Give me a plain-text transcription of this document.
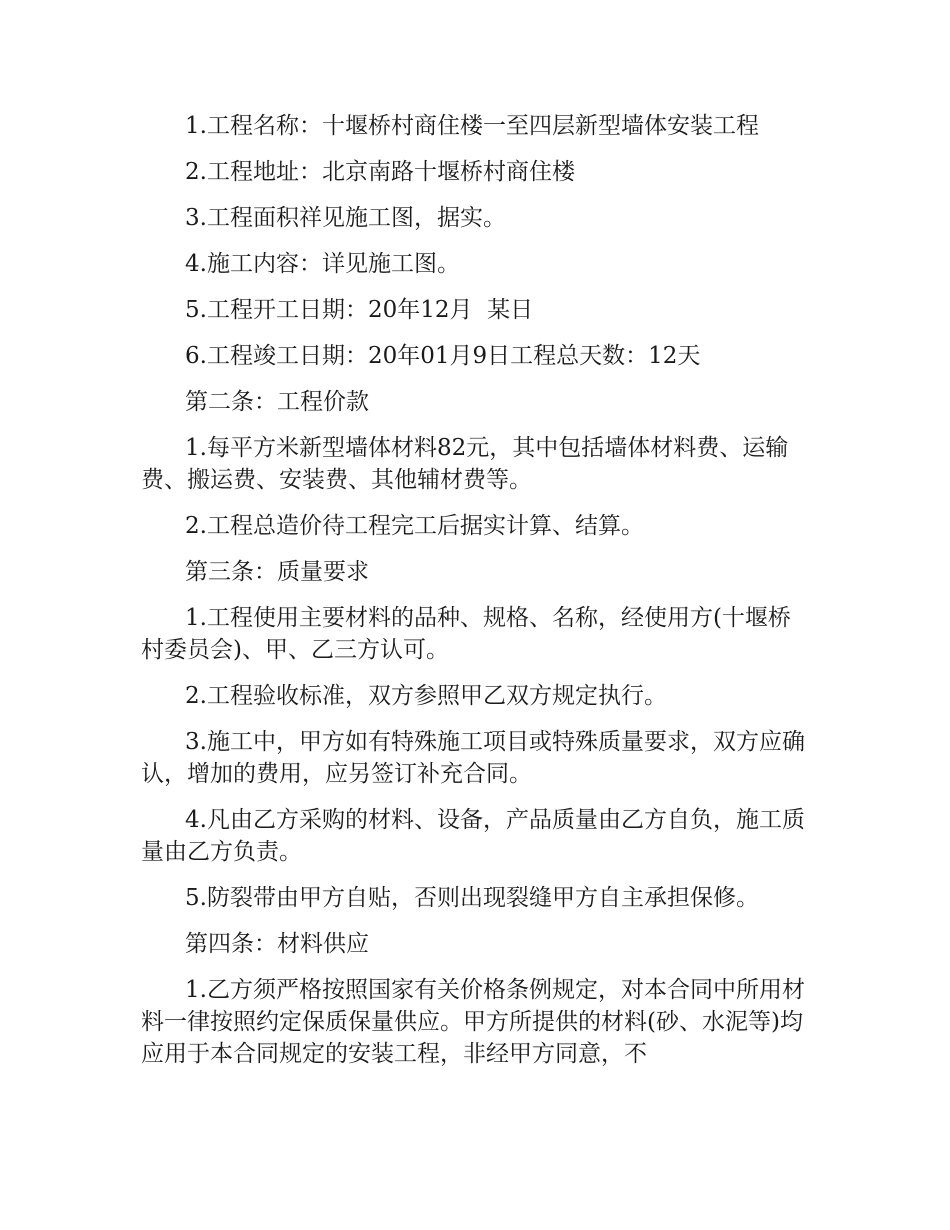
1.工程名称：十堰桥村商住楼一至四层新型墙体安装工程

2.工程地址：北京南路十堰桥村商住楼

3.工程面积祥见施工图，据实。

4.施工内容：详见施工图。

5.工程开工日期：20年12月  某日

6.工程竣工日期：20年01月9日工程总天数：12天

第二条：工程价款

1.每平方米新型墙体材料82元，其中包括墙体材料费、运输费、搬运费、安装费、其他辅材费等。

2.工程总造价待工程完工后据实计算、结算。

第三条：质量要求

1.工程使用主要材料的品种、规格、名称，经使用方(十堰桥村委员会)、甲、乙三方认可。

2.工程验收标准，双方参照甲乙双方规定执行。

3.施工中，甲方如有特殊施工项目或特殊质量要求，双方应确认，增加的费用，应另签订补充合同。

4.凡由乙方采购的材料、设备，产品质量由乙方自负，施工质量由乙方负责。

5.防裂带由甲方自贴，否则出现裂缝甲方自主承担保修。

第四条：材料供应

1.乙方须严格按照国家有关价格条例规定，对本合同中所用材料一律按照约定保质保量供应。甲方所提供的材料(砂、水泥等)均应用于本合同规定的安装工程，非经甲方同意，不
